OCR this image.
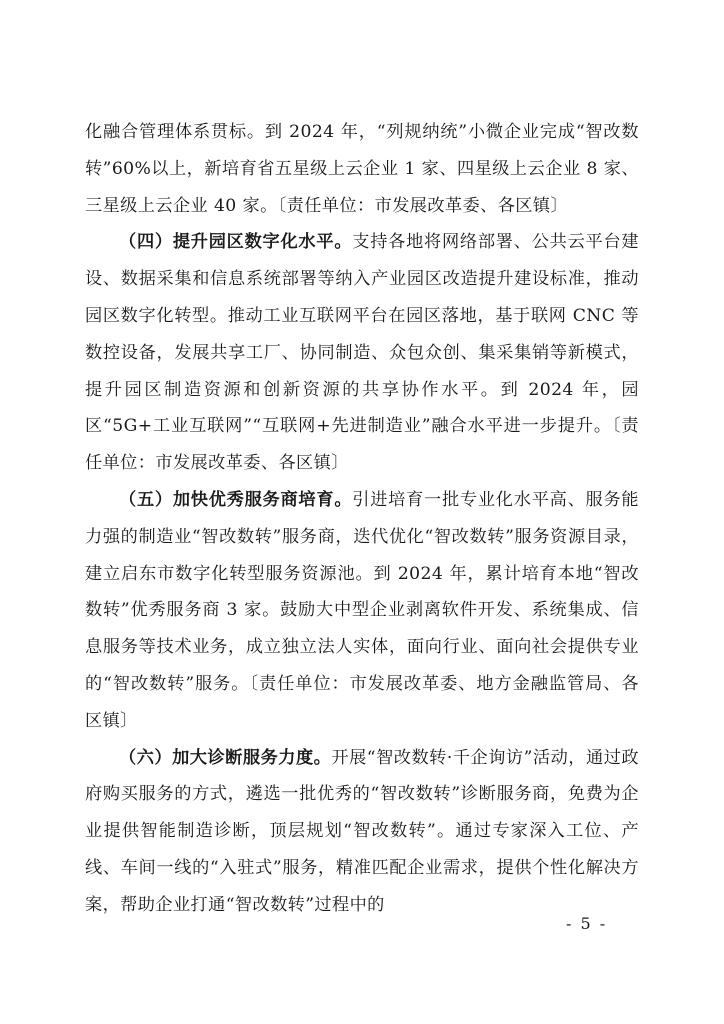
化融合管理体系贯标。到 2024 年，“列规纳统”小微企业完成“智改数转”60%以上，新培育省五星级上云企业 1 家、四星级上云企业 8 家、三星级上云企业 40 家。〔责任单位：市发展改革委、各区镇〕

（四）提升园区数字化水平。支持各地将网络部署、公共云平台建设、数据采集和信息系统部署等纳入产业园区改造提升建设标准，推动园区数字化转型。推动工业互联网平台在园区落地，基于联网 CNC 等数控设备，发展共享工厂、协同制造、众包众创、集采集销等新模式，提升园区制造资源和创新资源的共享协作水平。到 2024 年，园区“5G+工业互联网”“互联网+先进制造业”融合水平进一步提升。〔责任单位：市发展改革委、各区镇〕

（五）加快优秀服务商培育。引进培育一批专业化水平高、服务能力强的制造业“智改数转”服务商，迭代优化“智改数转”服务资源目录，建立启东市数字化转型服务资源池。到 2024 年，累计培育本地“智改数转”优秀服务商 3 家。鼓励大中型企业剥离软件开发、系统集成、信息服务等技术业务，成立独立法人实体，面向行业、面向社会提供专业的“智改数转”服务。〔责任单位：市发展改革委、地方金融监管局、各区镇〕

（六）加大诊断服务力度。开展“智改数转·千企询访”活动，通过政府购买服务的方式，遴选一批优秀的“智改数转”诊断服务商，免费为企业提供智能制造诊断，顶层规划“智改数转”。通过专家深入工位、产线、车间一线的“入驻式”服务，精准匹配企业需求，提供个性化解决方案，帮助企业打通“智改数转”过程中的

- 5 -
